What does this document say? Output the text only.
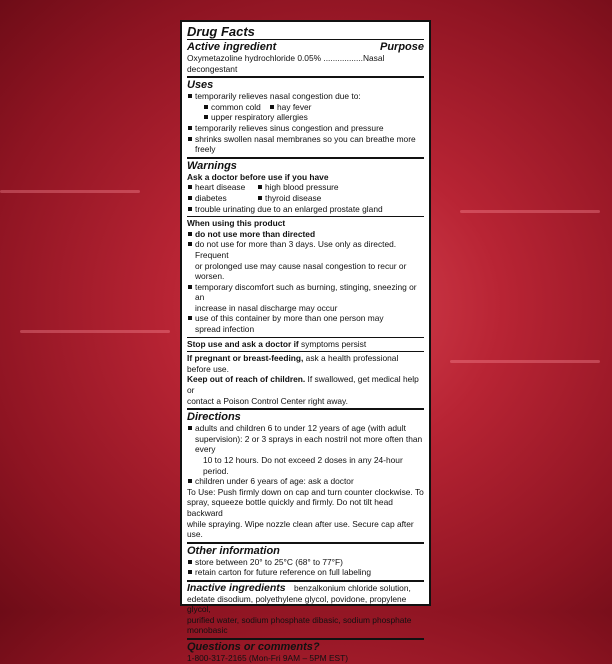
Drug Facts
Active ingredient	Purpose
Oxymetazoline hydrochloride 0.05% .................Nasal decongestant
Uses
temporarily relieves nasal congestion due to:
common cold	hay fever
upper respiratory allergies
temporarily relieves sinus congestion and pressure
shrinks swollen nasal membranes so you can breathe more freely
Warnings
Ask a doctor before use if you have
heart disease	high blood pressure
diabetes	thyroid disease
trouble urinating due to an enlarged prostate gland
When using this product
do not use more than directed
do not use for more than 3 days. Use only as directed. Frequent
or prolonged use may cause nasal congestion to recur or worsen.
temporary discomfort such as burning, stinging, sneezing or an
increase in nasal discharge may occur
use of this container by more than one person may
spread infection
Stop use and ask a doctor if symptoms persist
If pregnant or breast-feeding, ask a health professional
before use.
Keep out of reach of children. If swallowed, get medical help or
contact a Poison Control Center right away.
Directions
adults and children 6 to under 12 years of age (with adult
supervision): 2 or 3 sprays in each nostril not more often than every
10 to 12 hours. Do not exceed 2 doses in any 24-hour period.
children under 6 years of age: ask a doctor
To Use: Push firmly down on cap and turn counter clockwise. To
spray, squeeze bottle quickly and firmly. Do not tilt head backward
while spraying. Wipe nozzle clean after use. Secure cap after use.
Other information
store between 20° to 25°C (68° to 77°F)
retain carton for future reference on full labeling
Inactive ingredients benzalkonium chloride solution,
edetate disodium, polyethylene glycol, povidone, propylene glycol,
purified water, sodium phosphate dibasic, sodium phosphate
monobasic
Questions or comments?
1-800-317-2165 (Mon-Fri 9AM – 5PM EST)
